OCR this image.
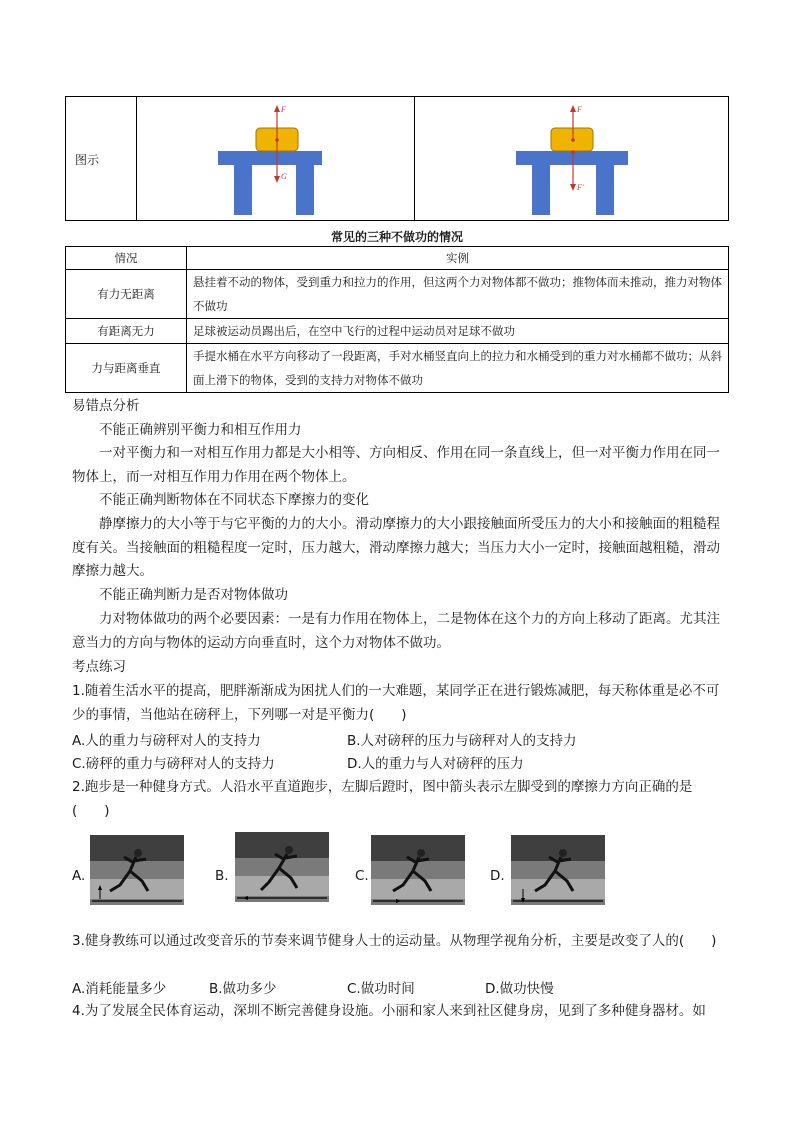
图示
F
G
F
F′
常见的三种不做功的情况
情况	实例
有力无距离	悬挂着不动的物体，受到重力和拉力的作用，但这两个力对物体都不做功；推物体而未推动，推力对物体不做功
有距离无力	足球被运动员踢出后，在空中飞行的过程中运动员对足球不做功
力与距离垂直	手提水桶在水平方向移动了一段距离，手对水桶竖直向上的拉力和水桶受到的重力对水桶都不做功；从斜面上滑下的物体，受到的支持力对物体不做功
易错点分析
不能正确辨别平衡力和相互作用力
一对平衡力和一对相互作用力都是大小相等、方向相反、作用在同一条直线上，但一对平衡力作用在同一物体上，而一对相互作用力作用在两个物体上。
不能正确判断物体在不同状态下摩擦力的变化
静摩擦力的大小等于与它平衡的力的大小。滑动摩擦力的大小跟接触面所受压力的大小和接触面的粗糙程度有关。当接触面的粗糙程度一定时，压力越大，滑动摩擦力越大；当压力大小一定时，接触面越粗糙，滑动摩擦力越大。
不能正确判断力是否对物体做功
力对物体做功的两个必要因素：一是有力作用在物体上，二是物体在这个力的方向上移动了距离。尤其注意当力的方向与物体的运动方向垂直时，这个力对物体不做功。
考点练习
1.随着生活水平的提高，肥胖渐渐成为困扰人们的一大难题，某同学正在进行锻炼减肥，每天称体重是必不可少的事情，当他站在磅秤上，下列哪一对是平衡力(　　)
A.人的重力与磅秤对人的支持力	B.人对磅秤的压力与磅秤对人的支持力
C.磅秤的重力与磅秤对人的支持力	D.人的重力与人对磅秤的压力
2.跑步是一种健身方式。人沿水平直道跑步，左脚后蹬时，图中箭头表示左脚受到的摩擦力方向正确的是(　　)
A.	B.	C.	D.
3.健身教练可以通过改变音乐的节奏来调节健身人士的运动量。从物理学视角分析，主要是改变了人的(　　)
A.消耗能量多少	B.做功多少	C.做功时间	D.做功快慢
4.为了发展全民体育运动，深圳不断完善健身设施。小丽和家人来到社区健身房，见到了多种健身器材。如
